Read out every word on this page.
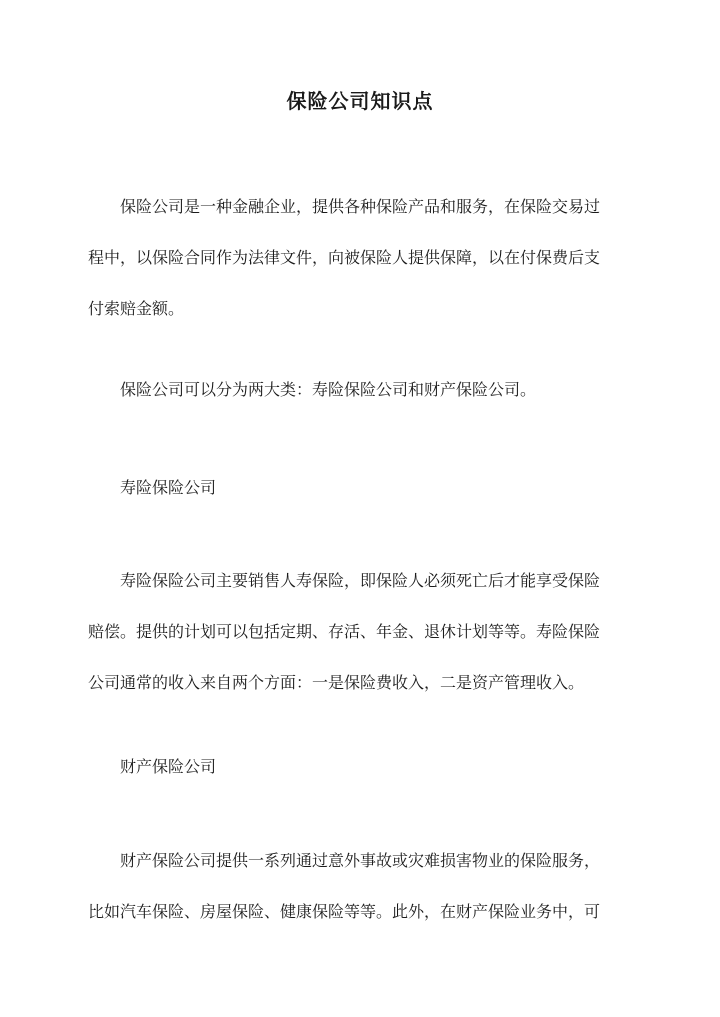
保险公司知识点

保险公司是一种金融企业，提供各种保险产品和服务，在保险交易过
程中，以保险合同作为法律文件，向被保险人提供保障，以在付保费后支
付索赔金额。

保险公司可以分为两大类：寿险保险公司和财产保险公司。

寿险保险公司

寿险保险公司主要销售人寿保险，即保险人必须死亡后才能享受保险
赔偿。提供的计划可以包括定期、存活、年金、退休计划等等。寿险保险
公司通常的收入来自两个方面：一是保险费收入，二是资产管理收入。

财产保险公司

财产保险公司提供一系列通过意外事故或灾难损害物业的保险服务，
比如汽车保险、房屋保险、健康保险等等。此外，在财产保险业务中，可
